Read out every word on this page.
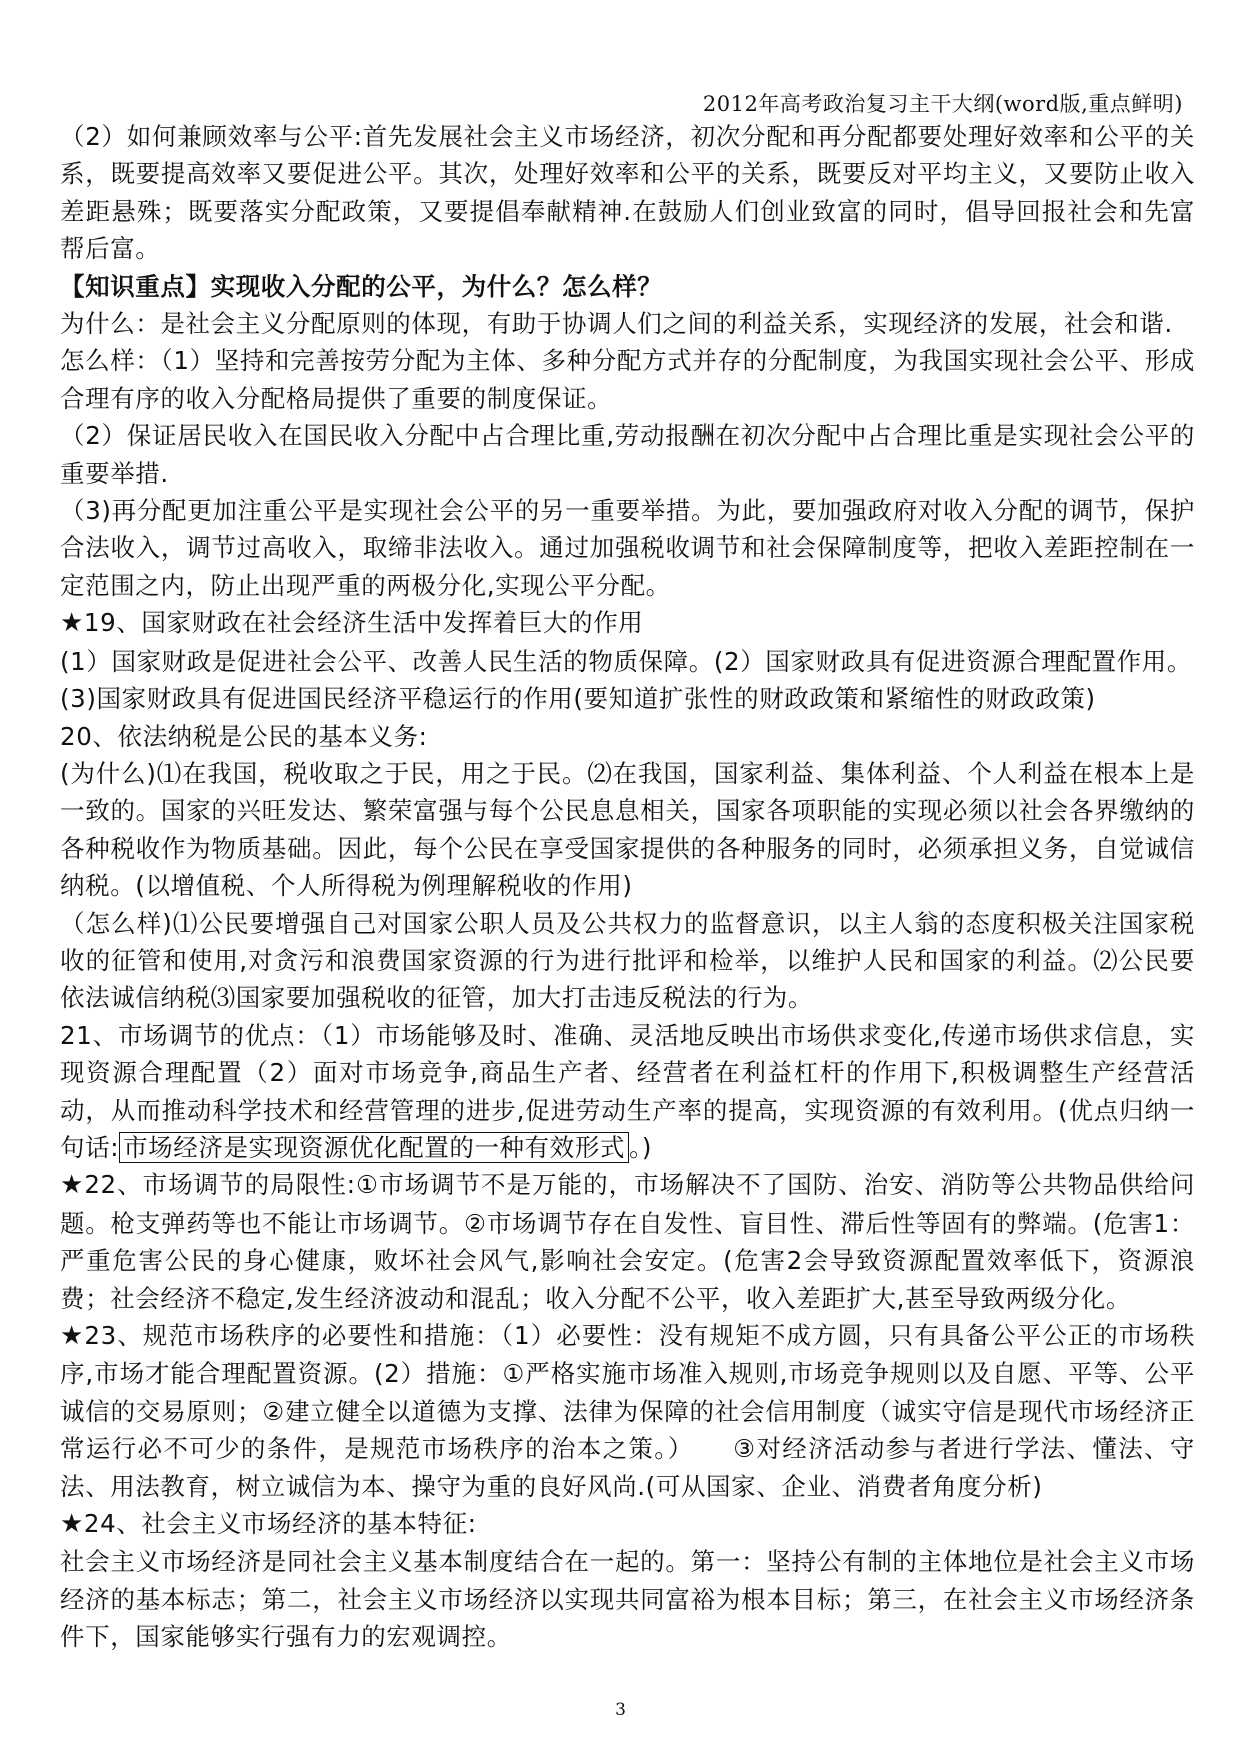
2012年高考政治复习主干大纲(word版,重点鲜明)

（2）如何兼顾效率与公平:首先发展社会主义市场经济，初次分配和再分配都要处理好效率和公平的关系，既要提高效率又要促进公平。其次，处理好效率和公平的关系，既要反对平均主义，又要防止收入差距悬殊；既要落实分配政策，又要提倡奉献精神.在鼓励人们创业致富的同时，倡导回报社会和先富帮后富。

【知识重点】实现收入分配的公平，为什么？怎么样？

为什么：是社会主义分配原则的体现，有助于协调人们之间的利益关系，实现经济的发展，社会和谐.

怎么样：（1）坚持和完善按劳分配为主体、多种分配方式并存的分配制度，为我国实现社会公平、形成合理有序的收入分配格局提供了重要的制度保证。

（2）保证居民收入在国民收入分配中占合理比重,劳动报酬在初次分配中占合理比重是实现社会公平的重要举措.

（3)再分配更加注重公平是实现社会公平的另一重要举措。为此，要加强政府对收入分配的调节，保护合法收入，调节过高收入，取缔非法收入。通过加强税收调节和社会保障制度等，把收入差距控制在一定范围之内，防止出现严重的两极分化,实现公平分配。

★19、国家财政在社会经济生活中发挥着巨大的作用

(1）国家财政是促进社会公平、改善人民生活的物质保障。(2）国家财政具有促进资源合理配置作用。

(3)国家财政具有促进国民经济平稳运行的作用(要知道扩张性的财政政策和紧缩性的财政政策)

20、依法纳税是公民的基本义务:

(为什么)⑴在我国，税收取之于民，用之于民。⑵在我国，国家利益、集体利益、个人利益在根本上是一致的。国家的兴旺发达、繁荣富强与每个公民息息相关，国家各项职能的实现必须以社会各界缴纳的各种税收作为物质基础。因此，每个公民在享受国家提供的各种服务的同时，必须承担义务，自觉诚信纳税。(以增值税、个人所得税为例理解税收的作用)

（怎么样)⑴公民要增强自己对国家公职人员及公共权力的监督意识，以主人翁的态度积极关注国家税收的征管和使用,对贪污和浪费国家资源的行为进行批评和检举，以维护人民和国家的利益。⑵公民要依法诚信纳税⑶国家要加强税收的征管，加大打击违反税法的行为。

21、市场调节的优点：（1）市场能够及时、准确、灵活地反映出市场供求变化,传递市场供求信息，实现资源合理配置（2）面对市场竞争,商品生产者、经营者在利益杠杆的作用下,积极调整生产经营活动，从而推动科学技术和经营管理的进步,促进劳动生产率的提高，实现资源的有效利用。(优点归纳一句话: 市场经济是实现资源优化配置的一种有效形式 。)

★22、市场调节的局限性:①市场调节不是万能的，市场解决不了国防、治安、消防等公共物品供给问题。枪支弹药等也不能让市场调节。②市场调节存在自发性、盲目性、滞后性等固有的弊端。(危害1：严重危害公民的身心健康，败坏社会风气,影响社会安定。(危害2会导致资源配置效率低下，资源浪费；社会经济不稳定,发生经济波动和混乱；收入分配不公平，收入差距扩大,甚至导致两级分化。

★23、规范市场秩序的必要性和措施：（1）必要性：没有规矩不成方圆，只有具备公平公正的市场秩序,市场才能合理配置资源。(2）措施：①严格实施市场准入规则,市场竞争规则以及自愿、平等、公平诚信的交易原则；②建立健全以道德为支撑、法律为保障的社会信用制度（诚实守信是现代市场经济正常运行必不可少的条件，是规范市场秩序的治本之策。）　　③对经济活动参与者进行学法、懂法、守法、用法教育，树立诚信为本、操守为重的良好风尚.(可从国家、企业、消费者角度分析)

★24、社会主义市场经济的基本特征:

社会主义市场经济是同社会主义基本制度结合在一起的。第一：坚持公有制的主体地位是社会主义市场经济的基本标志；第二，社会主义市场经济以实现共同富裕为根本目标；第三，在社会主义市场经济条件下，国家能够实行强有力的宏观调控。

3
